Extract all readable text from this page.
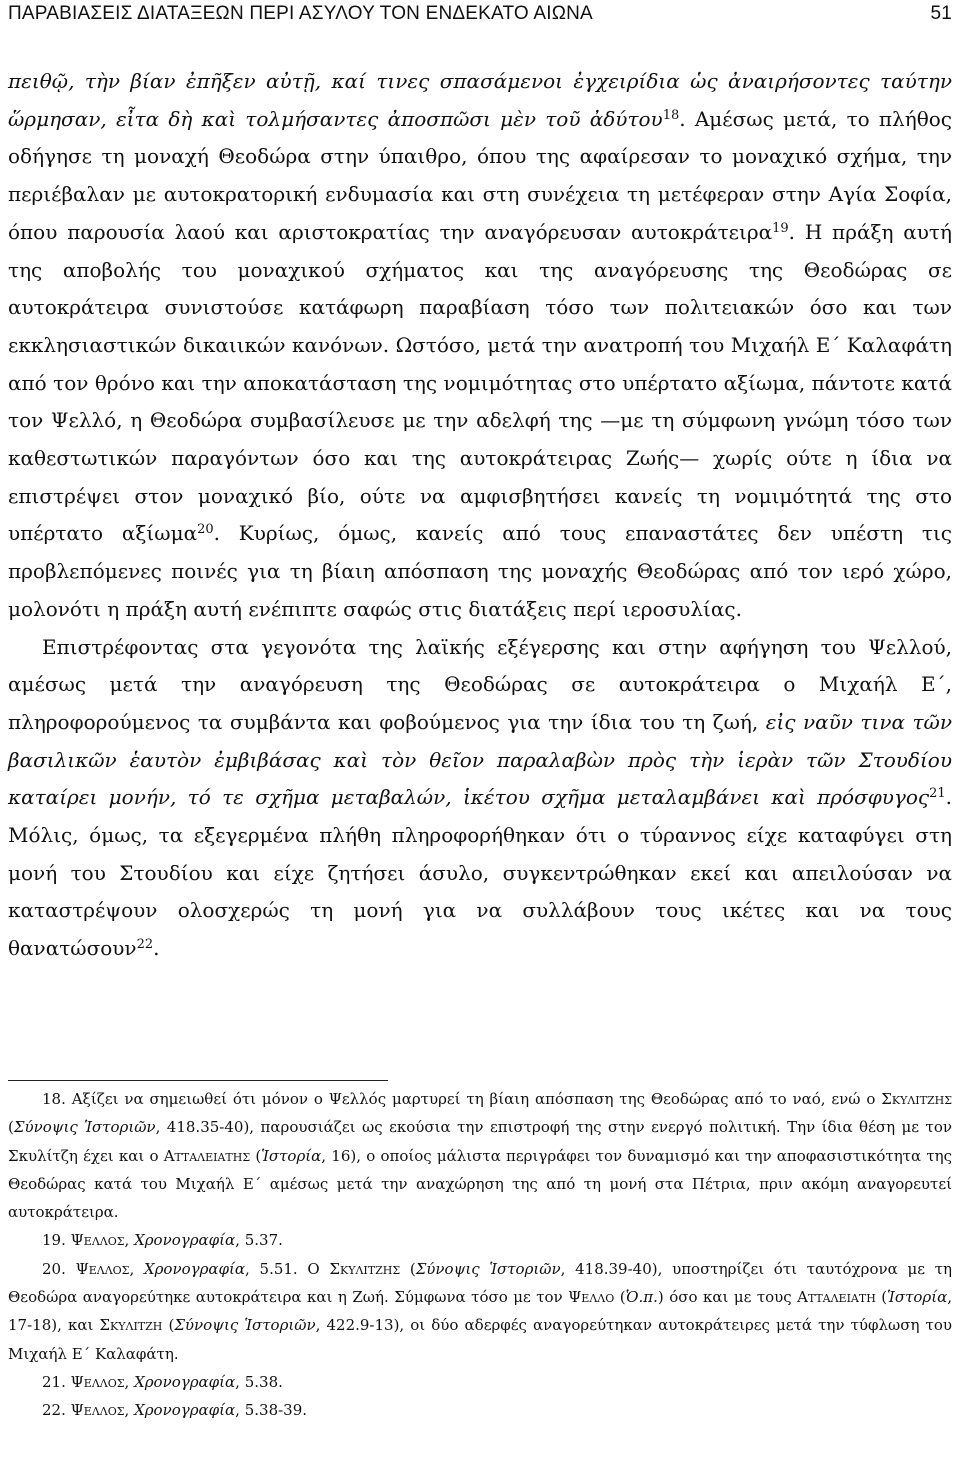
ΠΑΡΑΒΙΑΣΕΙΣ ΔΙΑΤΑΞΕΩΝ ΠΕΡΙ ΑΣΥΛΟΥ ΤΟΝ ΕΝΔΕΚΑΤΟ ΑΙΩΝΑ	51

πειθῷ, τὴν βίαν ἐπῆξεν αὐτῇ, καί τινες σπασάμενοι ἐγχειρίδια ὡς ἀναιρήσοντες ταύτην ὥρμησαν, εἶτα δὴ καὶ τολμήσαντες ἀποσπῶσι μὲν τοῦ ἀδύτου$^{18}$. Αμέσως μετά, το πλήθος οδήγησε τη μοναχή Θεοδώρα στην ύπαιθρο, όπου της αφαίρεσαν το μοναχικό σχήμα, την περιέβαλαν με αυτοκρατορική ενδυμασία και στη συνέχεια τη μετέφεραν στην Αγία Σοφία, όπου παρουσία λαού και αριστοκρατίας την αναγόρευσαν αυτοκράτειρα$^{19}$. Η πράξη αυτή της αποβολής του μοναχικού σχήματος και της αναγόρευσης της Θεοδώρας σε αυτοκράτειρα συνιστούσε κατάφωρη παραβίαση τόσο των πολιτειακών όσο και των εκκλησιαστικών δικαιικών κανόνων. Ωστόσο, μετά την ανατροπή του Μιχαήλ Ε΄ Καλαφάτη από τον θρόνο και την αποκατάσταση της νομιμότητας στο υπέρτατο αξίωμα, πάντοτε κατά τον Ψελλό, η Θεοδώρα συμβασίλευσε με την αδελφή της —με τη σύμφωνη γνώμη τόσο των καθεστωτικών παραγόντων όσο και της αυτοκράτειρας Ζωής— χωρίς ούτε η ίδια να επιστρέψει στον μοναχικό βίο, ούτε να αμφισβητήσει κανείς τη νομιμότητά της στο υπέρτατο αξίωμα$^{20}$. Κυρίως, όμως, κανείς από τους επαναστάτες δεν υπέστη τις προβλεπόμενες ποινές για τη βίαιη απόσπαση της μοναχής Θεοδώρας από τον ιερό χώρο, μολονότι η πράξη αυτή ενέπιπτε σαφώς στις διατάξεις περί ιεροσυλίας.

Επιστρέφοντας στα γεγονότα της λαϊκής εξέγερσης και στην αφήγηση του Ψελλού, αμέσως μετά την αναγόρευση της Θεοδώρας σε αυτοκράτειρα ο Μιχαήλ Ε΄, πληροφορούμενος τα συμβάντα και φοβούμενος για την ίδια του τη ζωή, εἰς ναῦν τινα τῶν βασιλικῶν ἑαυτὸν ἐμβιβάσας καὶ τὸν θεῖον παραλαβὼν πρὸς τὴν ἱερὰν τῶν Στουδίου καταίρει μονήν, τό τε σχῆμα μεταβαλών, ἱκέτου σχῆμα μεταλαμβάνει καὶ πρόσφυγος$^{21}$. Μόλις, όμως, τα εξεγερμένα πλήθη πληροφορήθηκαν ότι ο τύραννος είχε καταφύγει στη μονή του Στουδίου και είχε ζητήσει άσυλο, συγκεντρώθηκαν εκεί και απειλούσαν να καταστρέψουν ολοσχερώς τη μονή για να συλλάβουν τους ικέτες και να τους θανατώσουν$^{22}$.

18. Αξίζει να σημειωθεί ότι μόνον ο Ψελλός μαρτυρεί τη βίαιη απόσπαση της Θεοδώρας από το ναό, ενώ ο Σκυλιτζης (Σύνοψις Ἱστοριῶν, 418.35-40), παρουσιάζει ως εκούσια την επιστροφή της στην ενεργό πολιτική. Την ίδια θέση με τον Σκυλίτζη έχει και ο Ατταλειατης (Ἱστορία, 16), ο οποίος μάλιστα περιγράφει τον δυναμισμό και την αποφασιστικότητα της Θεοδώρας κατά του Μιχαήλ Ε΄ αμέσως μετά την αναχώρηση της από τη μονή στα Πέτρια, πριν ακόμη αναγορευτεί αυτοκράτειρα.

19. Ψελλος, Χρονογραφία, 5.37.

20. Ψελλος, Χρονογραφία, 5.51. Ο Σκυλιτζης (Σύνοψις Ἱστοριῶν, 418.39-40), υποστηρίζει ότι ταυτόχρονα με τη Θεοδώρα αναγορεύτηκε αυτοκράτειρα και η Ζωή. Σύμφωνα τόσο με τον Ψελλο (Ὁ.π.) όσο και με τους Ατταλειατη (Ἱστορία, 17-18), και Σκυλιτζη (Σύνοψις Ἱστοριῶν, 422.9-13), οι δύο αδερφές αναγορεύτηκαν αυτοκράτειρες μετά την τύφλωση του Μιχαήλ Ε΄ Καλαφάτη.

21. Ψελλος, Χρονογραφία, 5.38.

22. Ψελλος, Χρονογραφία, 5.38-39.
